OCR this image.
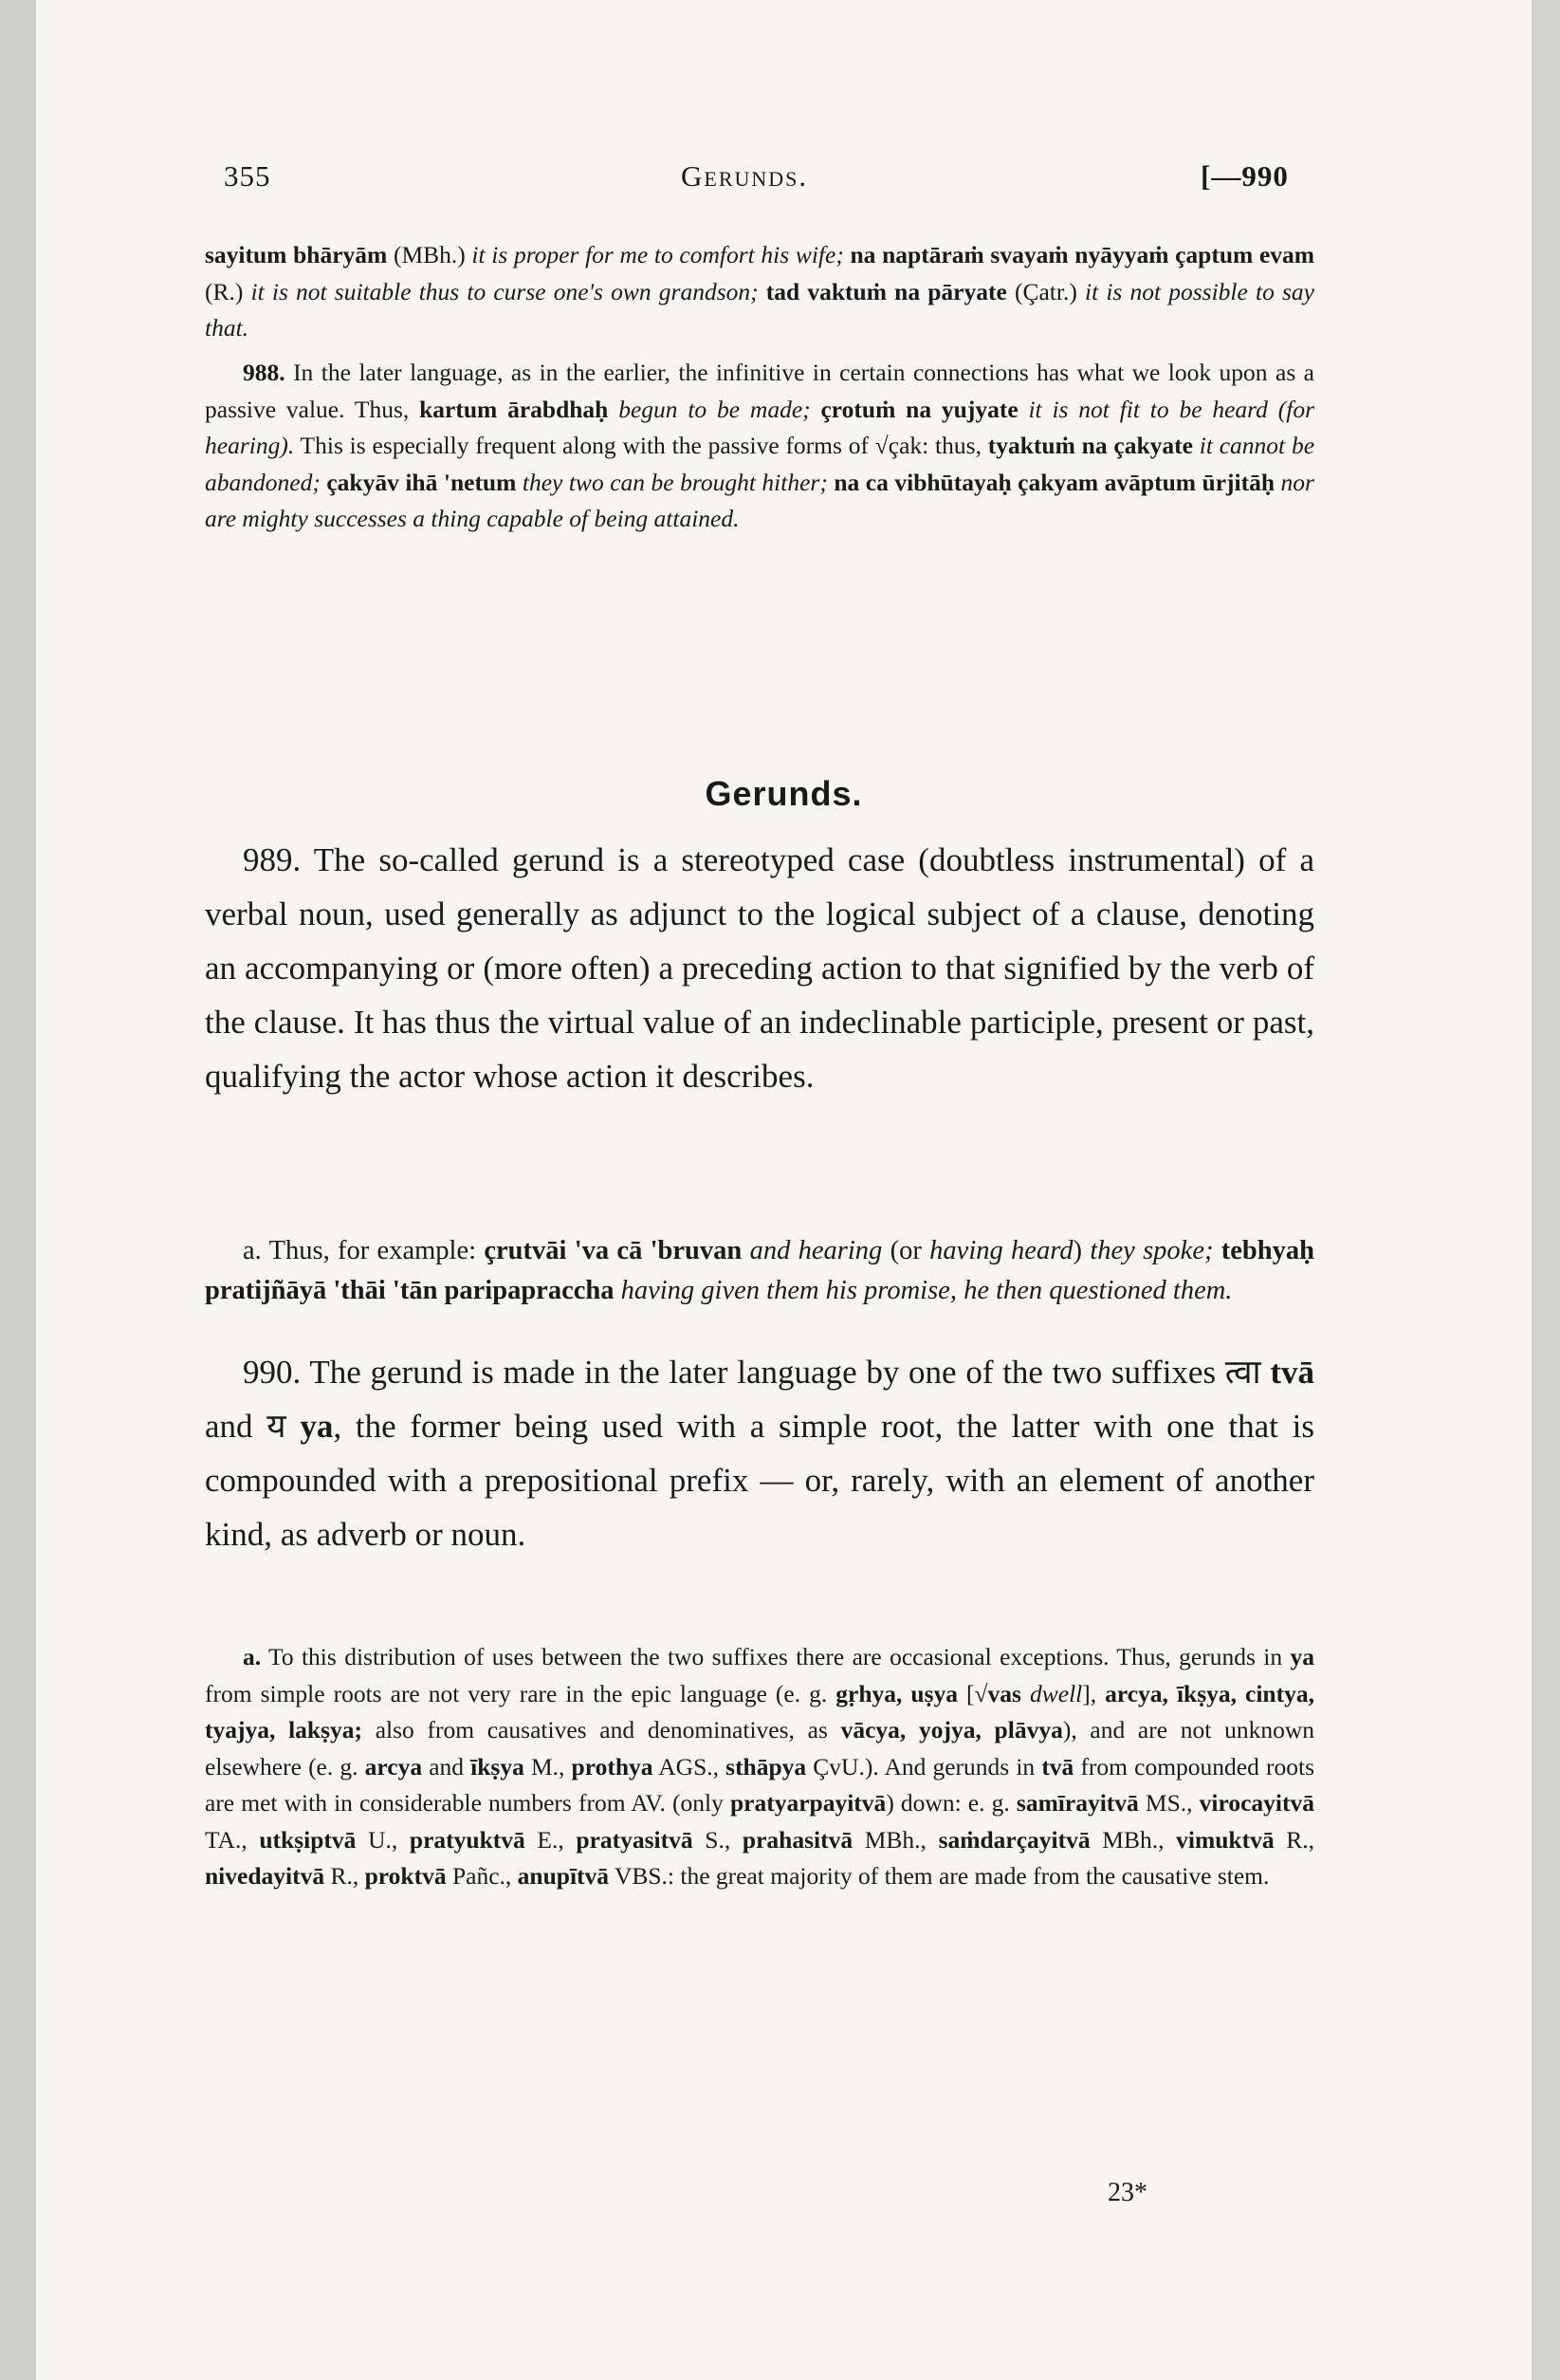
355	Gerunds.	[—990
sayitum bhāryām (MBh.) it is proper for me to comfort his wife; na naptāraṁ svayaṁ nyāyyaṁ çaptum evam (R.) it is not suitable thus to curse one's own grandson; tad vaktuṁ na pāryate (Çatr.) it is not possible to say that.
988. In the later language, as in the earlier, the infinitive in certain connections has what we look upon as a passive value. Thus, kartum ārabdhaḥ begun to be made; çrotuṁ na yujyate it is not fit to be heard (for hearing). This is especially frequent along with the passive forms of √çak: thus, tyaktuṁ na çakyate it cannot be abandoned; çakyāv ihā 'netum they two can be brought hither; na ca vibhūtayaḥ çakyam avāptum ūrjitāḥ nor are mighty successes a thing capable of being attained.
Gerunds.
989. The so-called gerund is a stereotyped case (doubtless instrumental) of a verbal noun, used generally as adjunct to the logical subject of a clause, denoting an accompanying or (more often) a preceding action to that signified by the verb of the clause. It has thus the virtual value of an indeclinable participle, present or past, qualifying the actor whose action it describes.
a. Thus, for example: çrutvāi 'va cā 'bruvan and hearing (or having heard) they spoke; tebhyaḥ pratijñāyā 'thāi 'tān paripapraccha having given them his promise, he then questioned them.
990. The gerund is made in the later language by one of the two suffixes त्वा tvā and य ya, the former being used with a simple root, the latter with one that is compounded with a prepositional prefix — or, rarely, with an element of another kind, as adverb or noun.
a. To this distribution of uses between the two suffixes there are occasional exceptions. Thus, gerunds in ya from simple roots are not very rare in the epic language (e. g. gṛhya, uṣya [√vas dwell], arcya, īkṣya, cintya, tyajya, lakṣya; also from causatives and denominatives, as vācya, yojya, plāvya), and are not unknown elsewhere (e. g. arcya and īkṣya M., prothya AGS., sthāpya ÇvU.). And gerunds in tvā from compounded roots are met with in considerable numbers from AV. (only pratyarpayitvā) down: e. g. samīrayitvā MS., virocayitvā TA., utkṣiptvā U., pratyuktvā E., pratyasitvā S., prahasitvā MBh., saṁdarçayitvā MBh., vimuktvā R., nivedayitvā R., proktvā Pañc., anupītvā VBS.: the great majority of them are made from the causative stem.
23*
